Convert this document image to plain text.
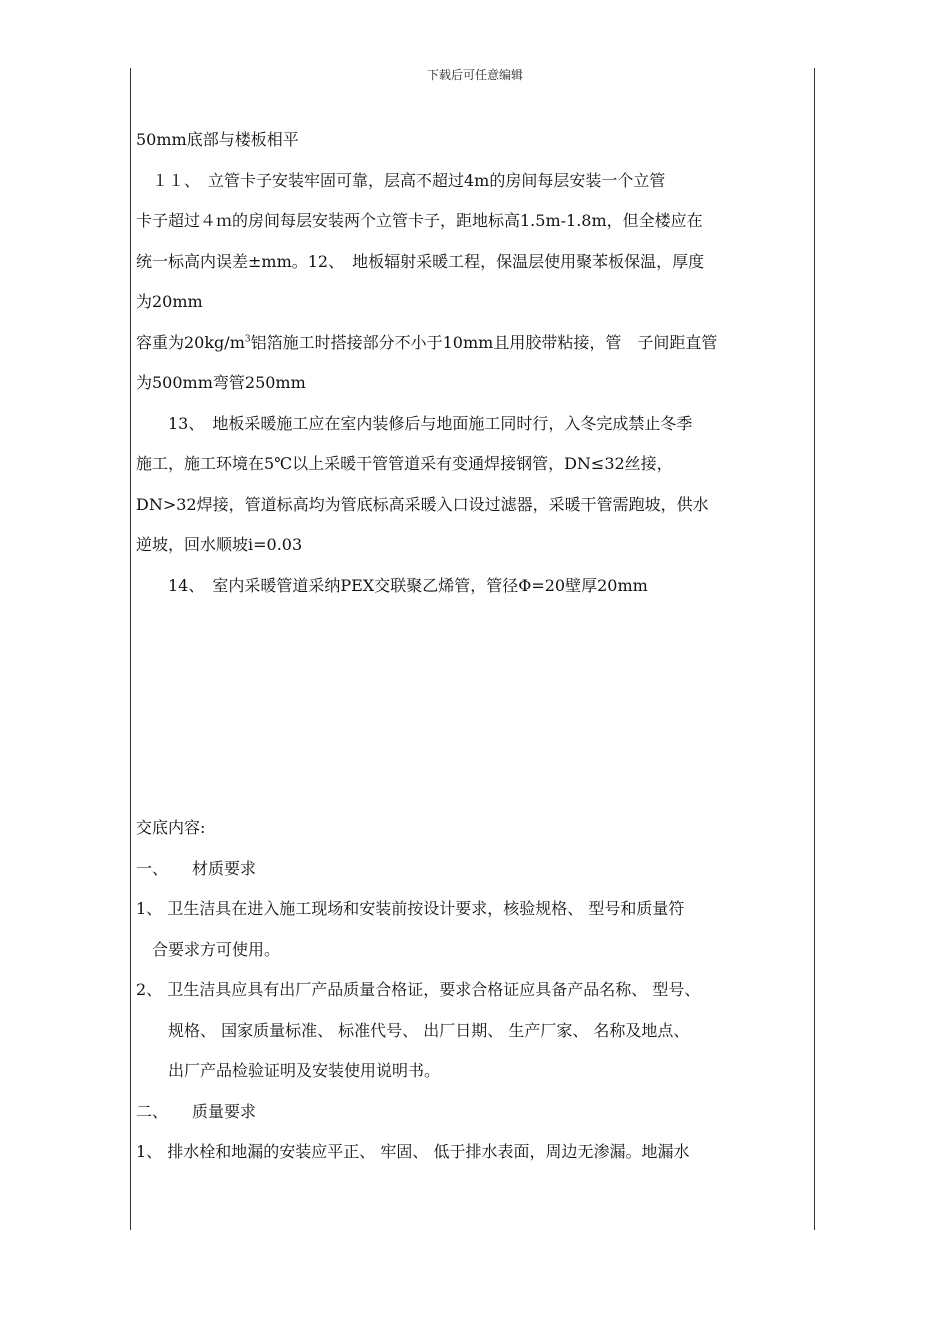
下载后可任意编辑
50mm底部与楼板相平
　１１、　立管卡子安装牢固可靠，层高不超过4m的房间每层安装一个立管
卡子超过４ｍ的房间每层安装两个立管卡子，距地标高1.5m-1.8m，但全楼应在
统一标高内误差±mm。12、　地板辐射采暖工程，保温层使用聚苯板保温，厚度
为20mm
容重为$20kg/m^3$铝箔施工时搭接部分不小于10mm且用胶带粘接，管　子间距直管
为500mm弯管250mm
　　13、　地板采暖施工应在室内装修后与地面施工同时行，入冬完成禁止冬季
施工，施工环境在5℃以上采暖干管管道采有变通焊接钢管，DN≤32丝接，
DN>32焊接，管道标高均为管底标高采暖入口设过滤器，采暖干管需跑坡，供水
逆坡，回水顺坡i=0.03
　　14、　室内采暖管道采纳PEX交联聚乙烯管，管径Φ=20壁厚20mm
交底内容:
一、　　材质要求
1、 卫生洁具在进入施工现场和安装前按设计要求，核验规格、 型号和质量符
　合要求方可使用。
2、 卫生洁具应具有出厂产品质量合格证，要求合格证应具备产品名称、 型号、
　　规格、 国家质量标准、 标准代号、 出厂日期、 生产厂家、 名称及地点、
　　出厂产品检验证明及安装使用说明书。
二、　　质量要求
1、 排水栓和地漏的安装应平正、 牢固、 低于排水表面，周边无渗漏。地漏水
